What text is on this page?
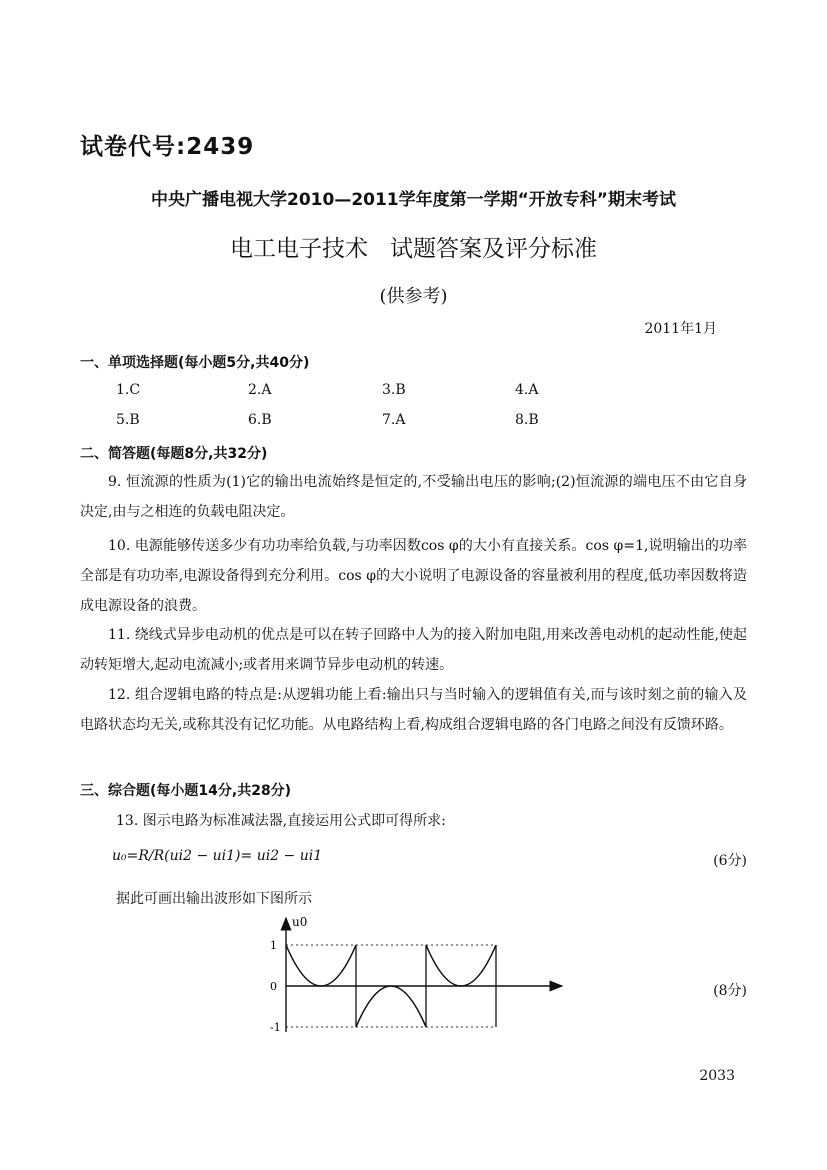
试卷代号:2439
中央广播电视大学2010—2011学年度第一学期“开放专科”期末考试
电工电子技术 试题答案及评分标准
(供参考)
2011年1月
一、单项选择题(每小题5分,共40分)
1.C	2.A	3.B	4.A
5.B	6.B	7.A	8.B
二、简答题(每题8分,共32分)
9. 恒流源的性质为(1)它的输出电流始终是恒定的,不受输出电压的影响;(2)恒流源的端电压不由它自身决定,由与之相连的负载电阻决定。
10. 电源能够传送多少有功功率给负载,与功率因数cos φ的大小有直接关系。cos φ=1,说明输出的功率全部是有功功率,电源设备得到充分利用。cos φ的大小说明了电源设备的容量被利用的程度,低功率因数将造成电源设备的浪费。
11. 绕线式异步电动机的优点是可以在转子回路中人为的接入附加电阻,用来改善电动机的起动性能,使起动转矩增大,起动电流减小;或者用来调节异步电动机的转速。
12. 组合逻辑电路的特点是:从逻辑功能上看:输出只与当时输入的逻辑值有关,而与该时刻之前的输入及电路状态均无关,或称其没有记忆功能。从电路结构上看,构成组合逻辑电路的各门电路之间没有反馈环路。
三、综合题(每小题14分,共28分)
13. 图示电路为标准减法器,直接运用公式即可得所求:
u₀=R/R(ui2 − ui1)= ui2 − ui1	(6分)
据此可画出输出波形如下图所示
(8分)
u0
1
0
-1
2033
